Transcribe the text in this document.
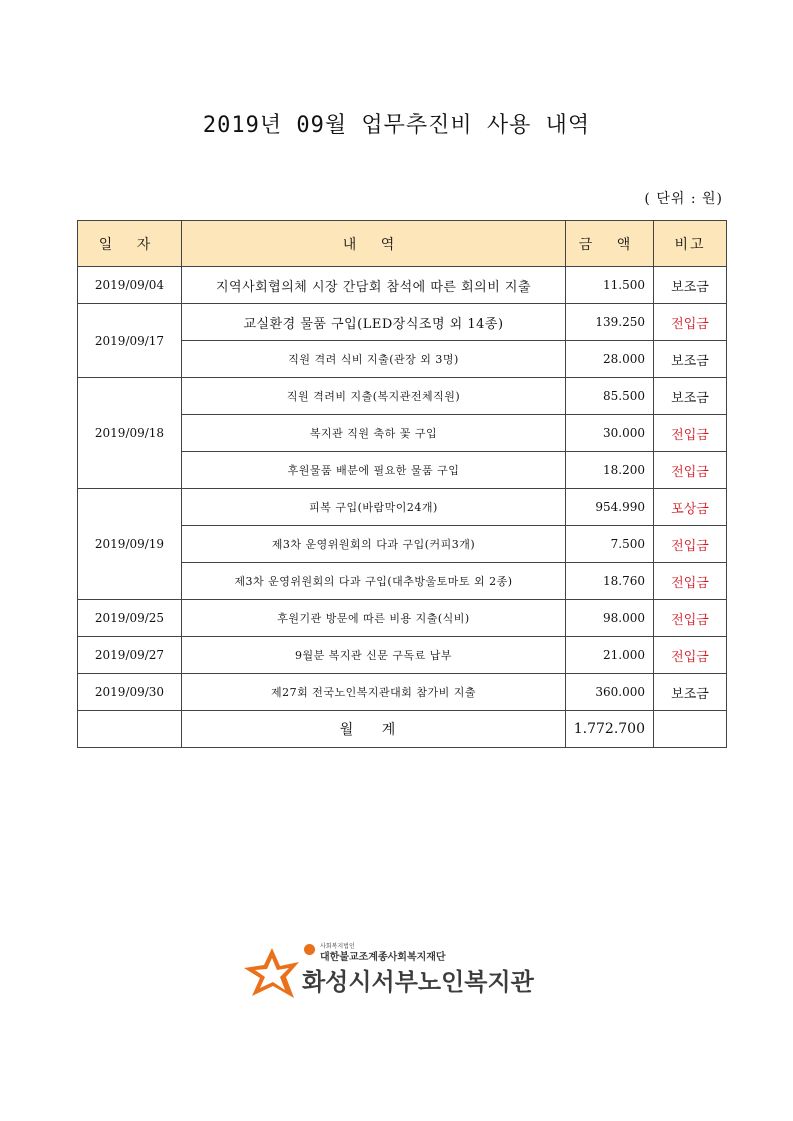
2019년 09월 업무추진비 사용 내역
( 단위 : 원)
일 자	내 역	금 액	비고
2019/09/04	지역사회협의체 시장 간담회 참석에 따른 회의비 지출	11.500	보조금
2019/09/17	교실환경 물품 구입(LED장식조명 외 14종)	139.250	전입금
	직원 격려 식비 지출(관장 외 3명)	28.000	보조금
2019/09/18	직원 격려비 지출(복지관전체직원)	85.500	보조금
	복지관 직원 축하 꽃 구입	30.000	전입금
	후원물품 배분에 필요한 물품 구입	18.200	전입금
2019/09/19	피복 구입(바람막이24개)	954.990	포상금
	제3차 운영위원회의 다과 구입(커피3개)	7.500	전입금
	제3차 운영위원회의 다과 구입(대추방울토마토 외 2종)	18.760	전입금
2019/09/25	후원기관 방문에 따른 비용 지출(식비)	98.000	전입금
2019/09/27	9월분 복지관 신문 구독료 납부	21.000	전입금
2019/09/30	제27회 전국노인복지관대회 참가비 지출	360.000	보조금
	월 계	1.772.700	
사회복지법인
대한불교조계종사회복지재단
화성시서부노인복지관
